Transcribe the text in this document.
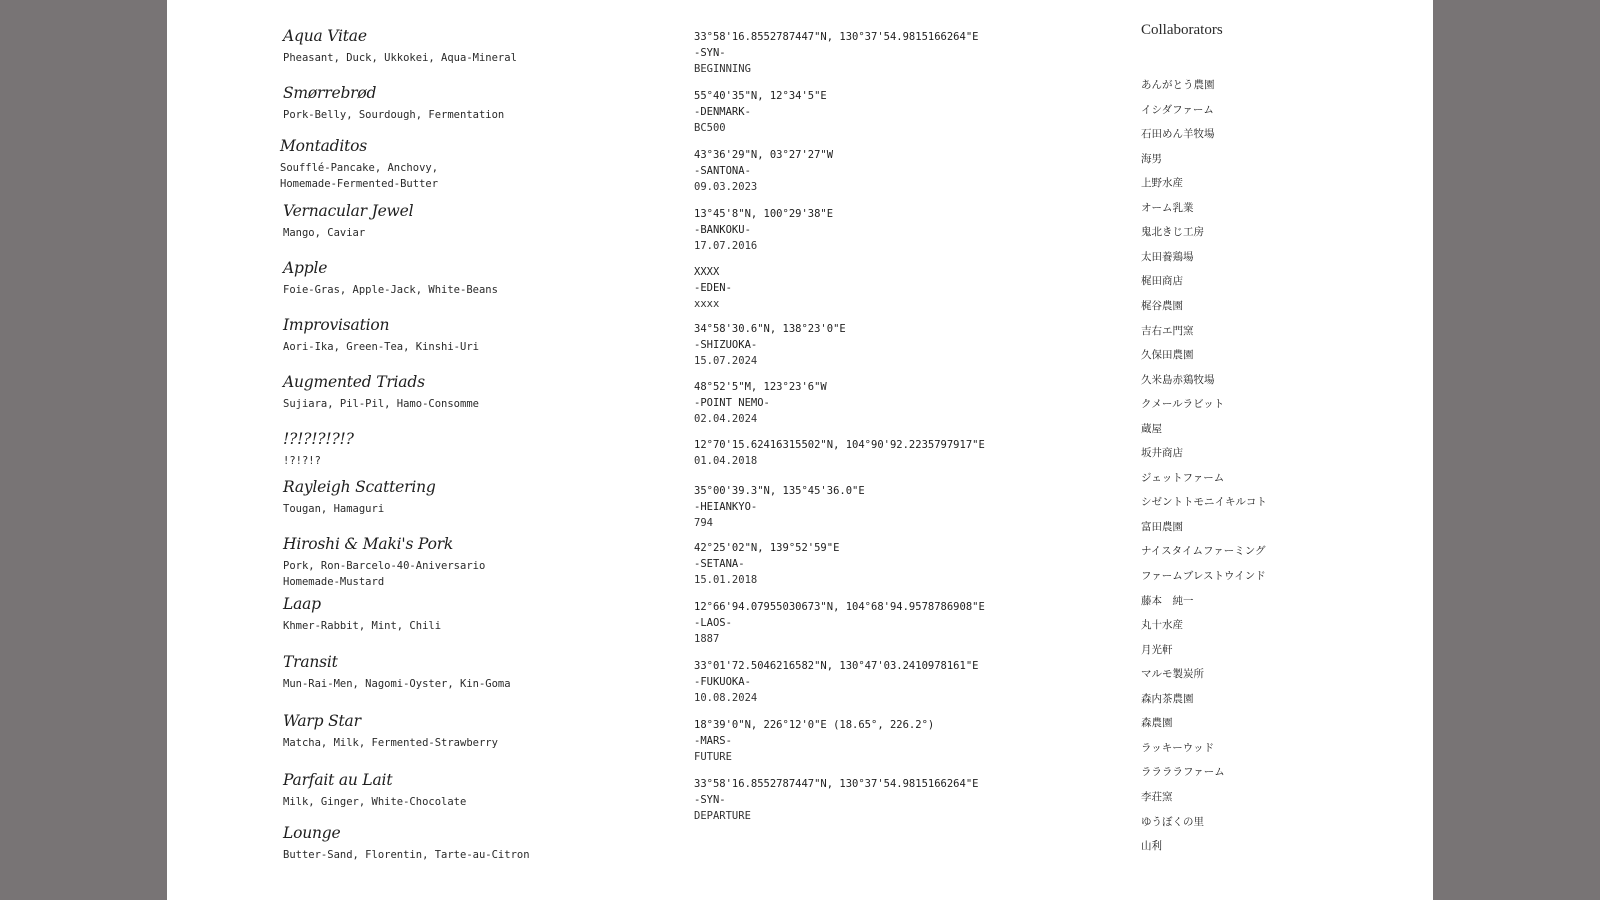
Aqua Vitae
Pheasant, Duck, Ukkokei, Aqua-Mineral
Smørrebrød
Pork-Belly, Sourdough, Fermentation
Montaditos
Soufflé-Pancake, Anchovy,
Homemade-Fermented-Butter
Vernacular Jewel
Mango, Caviar
Apple
Foie-Gras, Apple-Jack, White-Beans
Improvisation
Aori-Ika, Green-Tea, Kinshi-Uri
Augmented Triads
Sujiara, Pil-Pil, Hamo-Consomme
!?!?!?!?!?
!?!?!?
Rayleigh Scattering
Tougan, Hamaguri
Hiroshi & Maki's Pork
Pork, Ron-Barcelo-40-Aniversario
Homemade-Mustard
Laap
Khmer-Rabbit, Mint, Chili
Transit
Mun-Rai-Men, Nagomi-Oyster, Kin-Goma
Warp Star
Matcha, Milk, Fermented-Strawberry
Parfait au Lait
Milk, Ginger, White-Chocolate
Lounge
Butter-Sand, Florentin, Tarte-au-Citron
33°58'16.8552787447"N, 130°37'54.9815166264"E
-SYN-
BEGINNING
55°40'35"N, 12°34'5"E
-DENMARK-
BC500
43°36'29"N, 03°27'27"W
-SANTONA-
09.03.2023
13°45'8"N, 100°29'38"E
-BANKOKU-
17.07.2016
XXXX
-EDEN-
xxxx
34°58'30.6"N, 138°23'0"E
-SHIZUOKA-
15.07.2024
48°52'5"M, 123°23'6"W
-POINT NEMO-
02.04.2024
12°70'15.62416315502"N, 104°90'92.2235797917"E
01.04.2018
35°00'39.3"N, 135°45'36.0"E
-HEIANKYO-
794
42°25'02"N, 139°52'59"E
-SETANA-
15.01.2018
12°66'94.07955030673"N, 104°68'94.9578786908"E
-LAOS-
1887
33°01'72.5046216582"N, 130°47'03.2410978161"E
-FUKUOKA-
10.08.2024
18°39'0"N, 226°12'0"E (18.65°, 226.2°)
-MARS-
FUTURE
33°58'16.8552787447"N, 130°37'54.9815166264"E
-SYN-
DEPARTURE
Collaborators
あんがとう農園
イシダファーム
石田めん羊牧場
海男
上野水産
オーム乳業
鬼北きじ工房
太田養鶏場
梶田商店
梶谷農園
吉右エ門窯
久保田農園
久米島赤鶏牧場
クメールラビット
蔵屋
坂井商店
ジェットファーム
シゼントトモニイキルコト
富田農園
ナイスタイムファーミング
ファームブレストウインド
藤本　純一
丸十水産
月光軒
マルモ製炭所
森内茶農園
森農園
ラッキーウッド
ララララファーム
李荘窯
ゆうぼくの里
山利
